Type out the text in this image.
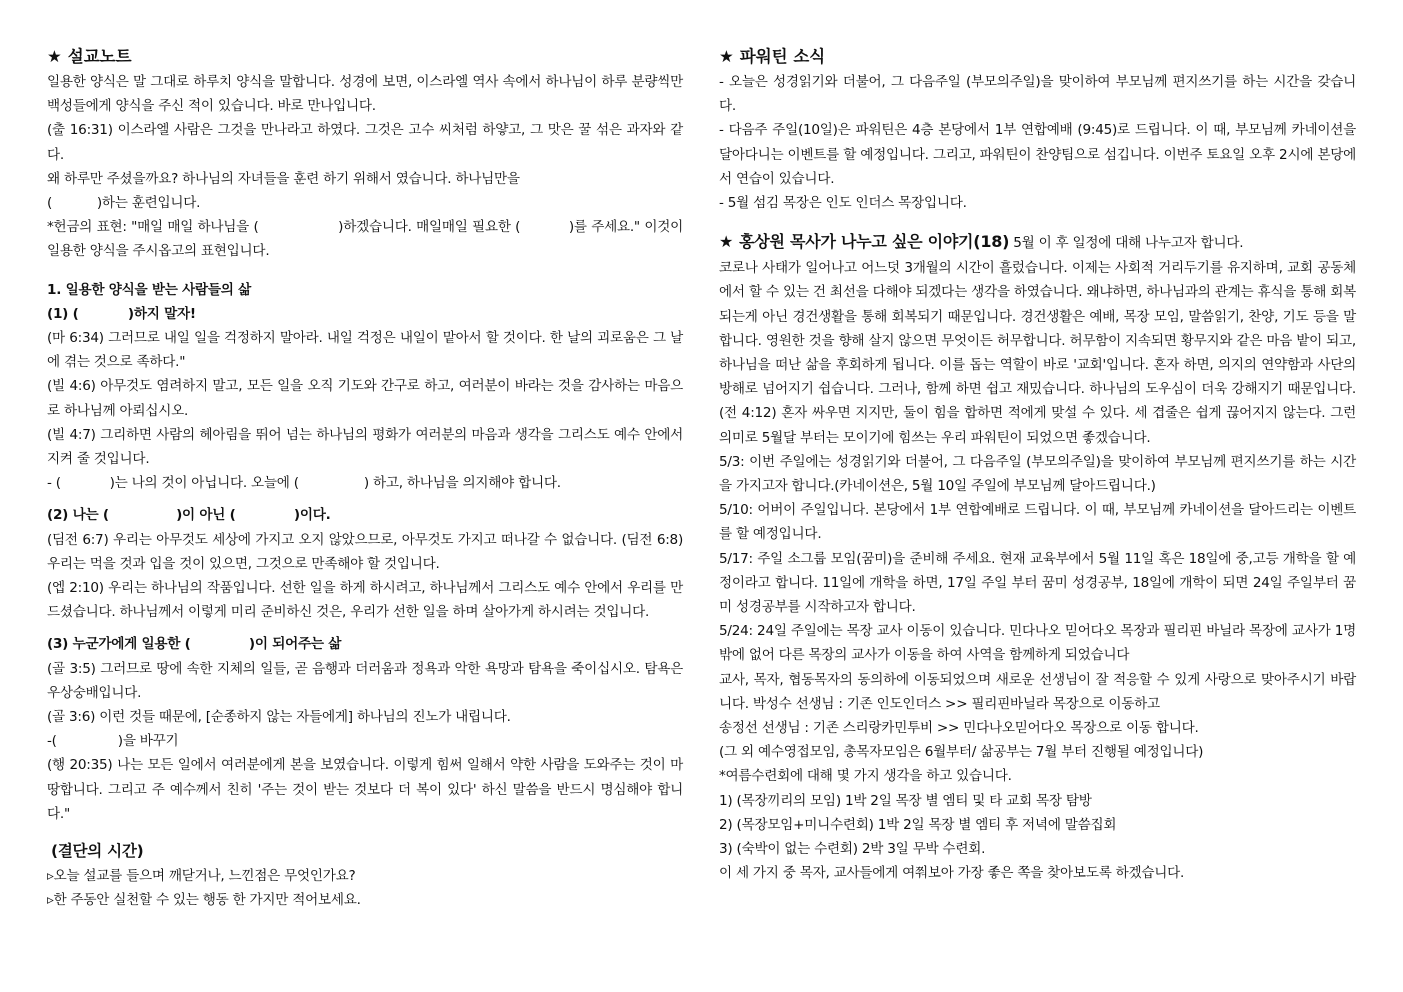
★ 설교노트

일용한 양식은 말 그대로 하루치 양식을 말합니다. 성경에 보면, 이스라엘 역사 속에서 하나님이 하루 분량씩만 백성들에게 양식을 주신 적이 있습니다. 바로 만나입니다.

(출 16:31) 이스라엘 사람은 그것을 만나라고 하였다. 그것은 고수 씨처럼 하얗고, 그 맛은 꿀 섞은 과자와 같다.

왜 하루만 주셨을까요? 하나님의 자녀들을 훈련 하기 위해서 였습니다. 하나님만을

(           )하는 훈련입니다.

*헌금의 표현: "매일 매일 하나님을 (                  )하겠습니다. 매일매일 필요한 (           )를 주세요." 이것이 일용한 양식을 주시옵고의 표현입니다.

1. 일용한 양식을 받는 사람들의 삶

(1) (           )하지 말자!

(마 6:34) 그러므로 내일 일을 걱정하지 말아라. 내일 걱정은 내일이 맡아서 할 것이다. 한 날의 괴로움은 그 날에 겪는 것으로 족하다."

(빌 4:6) 아무것도 염려하지 말고, 모든 일을 오직 기도와 간구로 하고, 여러분이 바라는 것을 감사하는 마음으로 하나님께 아뢰십시오.

(빌 4:7) 그리하면 사람의 헤아림을 뛰어 넘는 하나님의 평화가 여러분의 마음과 생각을 그리스도 예수 안에서 지켜 줄 것입니다.

- (            )는 나의 것이 아닙니다. 오늘에 (                ) 하고, 하나님을 의지해야 합니다.

(2) 나는 (               )이 아닌 (             )이다.

(딤전 6:7) 우리는 아무것도 세상에 가지고 오지 않았으므로, 아무것도 가지고 떠나갈 수 없습니다. (딤전 6:8) 우리는 먹을 것과 입을 것이 있으면, 그것으로 만족해야 할 것입니다.

(엡 2:10) 우리는 하나님의 작품입니다. 선한 일을 하게 하시려고, 하나님께서 그리스도 예수 안에서 우리를 만드셨습니다. 하나님께서 이렇게 미리 준비하신 것은, 우리가 선한 일을 하며 살아가게 하시려는 것입니다.

(3) 누군가에게 일용한 (             )이 되어주는 삶

(골 3:5) 그러므로 땅에 속한 지체의 일들, 곧 음행과 더러움과 정욕과 악한 욕망과 탐욕을 죽이십시오. 탐욕은 우상숭배입니다.

(골 3:6) 이런 것들 때문에, [순종하지 않는 자들에게] 하나님의 진노가 내립니다.

-(               )을 바꾸기

(행 20:35) 나는 모든 일에서 여러분에게 본을 보였습니다. 이렇게 힘써 일해서 약한 사람을 도와주는 것이 마땅합니다. 그리고 주 예수께서 친히 '주는 것이 받는 것보다 더 복이 있다' 하신 말씀을 반드시 명심해야 합니다."

(결단의 시간)

▹오늘 설교를 들으며 깨닫거나, 느낀점은 무엇인가요?

▹한 주동안 실천할 수 있는 행동 한 가지만 적어보세요.

★ 파워틴 소식

- 오늘은 성경읽기와 더불어, 그 다음주일 (부모의주일)을 맞이하여 부모님께 편지쓰기를 하는 시간을 갖습니다.

- 다음주 주일(10일)은 파워틴은 4층 본당에서 1부 연합예배 (9:45)로 드립니다. 이 때, 부모님께 카네이션을 달아다니는 이벤트를 할 예정입니다. 그리고, 파워틴이 찬양팀으로 섬깁니다. 이번주 토요일 오후 2시에 본당에서 연습이 있습니다.

- 5월 섬김 목장은 인도 인더스 목장입니다.

★ 홍상원 목사가 나누고 싶은 이야기(18) 5월 이 후 일정에 대해 나누고자 합니다.

코로나 사태가 일어나고 어느덧 3개월의 시간이 흘렀습니다. 이제는 사회적 거리두기를 유지하며, 교회 공동체에서 할 수 있는 건 최선을 다해야 되겠다는 생각을 하였습니다. 왜냐하면, 하나님과의 관계는 휴식을 통해 회복되는게 아닌 경건생활을 통해 회복되기 때문입니다. 경건생활은 예배, 목장 모임, 말씀읽기, 찬양, 기도 등을 말합니다. 영원한 것을 향해 살지 않으면 무엇이든 허무합니다. 허무함이 지속되면 황무지와 같은 마음 밭이 되고, 하나님을 떠난 삶을 후회하게 됩니다. 이를 돕는 역할이 바로 '교회'입니다. 혼자 하면, 의지의 연약함과 사단의 방해로 넘어지기 쉽습니다. 그러나, 함께 하면 쉽고 재밌습니다. 하나님의 도우심이 더욱 강해지기 때문입니다.(전 4:12) 혼자 싸우면 지지만, 둘이 힘을 합하면 적에게 맞설 수 있다. 세 겹줄은 쉽게 끊어지지 않는다. 그런 의미로 5월달 부터는 모이기에 힘쓰는 우리 파워틴이 되었으면 좋겠습니다.

5/3: 이번 주일에는 성경읽기와 더불어, 그 다음주일 (부모의주일)을 맞이하여 부모님께 편지쓰기를 하는 시간을 가지고자 합니다.(카네이션은, 5월 10일 주일에 부모님께 달아드립니다.)

5/10: 어버이 주일입니다. 본당에서 1부 연합예배로 드립니다. 이 때, 부모님께 카네이션을 달아드리는 이벤트를 할 예정입니다.

5/17: 주일 소그룹 모임(꿈미)을 준비해 주세요. 현재 교육부에서 5월 11일 혹은 18일에 중,고등 개학을 할 예정이라고 합니다. 11일에 개학을 하면, 17일 주일 부터 꿈미 성경공부, 18일에 개학이 되면 24일 주일부터 꿈미 성경공부를 시작하고자 합니다.

5/24: 24일 주일에는 목장 교사 이동이 있습니다. 민다나오 믿어다오 목장과 필리핀 바닐라 목장에 교사가 1명밖에 없어 다른 목장의 교사가 이동을 하여 사역을 함께하게 되었습니다

교사, 목자, 협동목자의 동의하에 이동되었으며 새로운 선생님이 잘 적응할 수 있게 사랑으로 맞아주시기 바랍니다. 박성수 선생님 : 기존 인도인더스 >> 필리핀바닐라 목장으로 이동하고

송정선 선생님 : 기존 스리랑카민투비 >> 민다나오믿어다오 목장으로 이동 합니다.

(그 외 예수영접모임, 총목자모임은 6월부터/ 삶공부는 7월 부터 진행될 예정입니다)

*여름수련회에 대해 몇 가지 생각을 하고 있습니다.

1) (목장끼리의 모임) 1박 2일 목장 별 엠티 및 타 교회 목장 탐방

2) (목장모임+미니수련회) 1박 2일 목장 별 엠티 후 저녁에 말씀집회

3) (숙박이 없는 수련회) 2박 3일 무박 수련회.

이 세 가지 중 목자, 교사들에게 여쭤보아 가장 좋은 쪽을 찾아보도록 하겠습니다.
